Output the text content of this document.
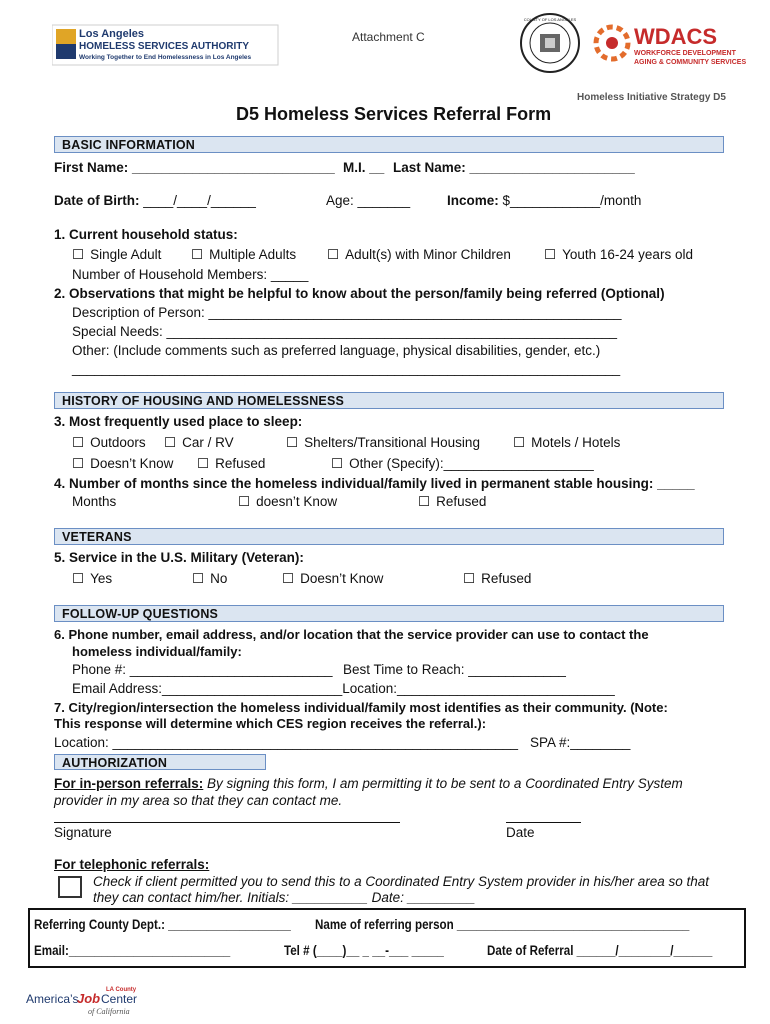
Los Angeles
HOMELESS SERVICES AUTHORITY
Working Together to End Homelessness in Los Angeles
LAHSA
Attachment C
COUNTY OF LOS ANGELES
WDACS
WORKFORCE DEVELOPMENT
AGING & COMMUNITY SERVICES
Homeless Initiative Strategy D5
D5 Homeless Services Referral Form
BASIC INFORMATION
First Name: ___________________________ M.I. __ Last Name: ______________________
Date of Birth: ____/____/______	Age: _______	Income: $____________/month
1. Current household status:
☐ Single Adult	☐ Multiple Adults	☐ Adult(s) with Minor Children	☐ Youth 16-24 years old
Number of Household Members: _____
2. Observations that might be helpful to know about the person/family being referred (Optional)
Description of Person: _______________________________________________________
Special Needs: ____________________________________________________________
Other: (Include comments such as preferred language, physical disabilities, gender, etc.)
_________________________________________________________________________
HISTORY OF HOUSING AND HOMELESSNESS
3. Most frequently used place to sleep:
☐ Outdoors	☐ Car / RV	☐ Shelters/Transitional Housing	☐ Motels / Hotels
☐ Doesn’t Know	☐ Refused	☐ Other (Specify):____________________
4. Number of months since the homeless individual/family lived in permanent stable housing: _____
Months	☐ doesn’t Know	☐ Refused
VETERANS
5. Service in the U.S. Military (Veteran):
☐ Yes	☐ No	☐ Doesn’t Know	☐ Refused
FOLLOW-UP QUESTIONS
6. Phone number, email address, and/or location that the service provider can use to contact the
homeless individual/family:
Phone #: ___________________________ Best Time to Reach: _____________
Email Address:________________________Location:_____________________________
7. City/region/intersection the homeless individual/family most identifies as their community. (Note:
This response will determine which CES region receives the referral.):
Location: ______________________________________________________ SPA #:________
AUTHORIZATION
For in-person referrals: By signing this form, I am permitting it to be sent to a Coordinated Entry System
provider in my area so that they can contact me.
Signature	Date
For telephonic referrals:
Check if client permitted you to send this to a Coordinated Entry System provider in his/her area so that
they can contact him/her. Initials: __________ Date: _________
Referring County Dept.: ___________________ Name of referring person ____________________________________
Email:_________________________	Tel # (____)__ _ __-___ _____	Date of Referral ______/________/______
LA County
America’s
Job Center
of California
